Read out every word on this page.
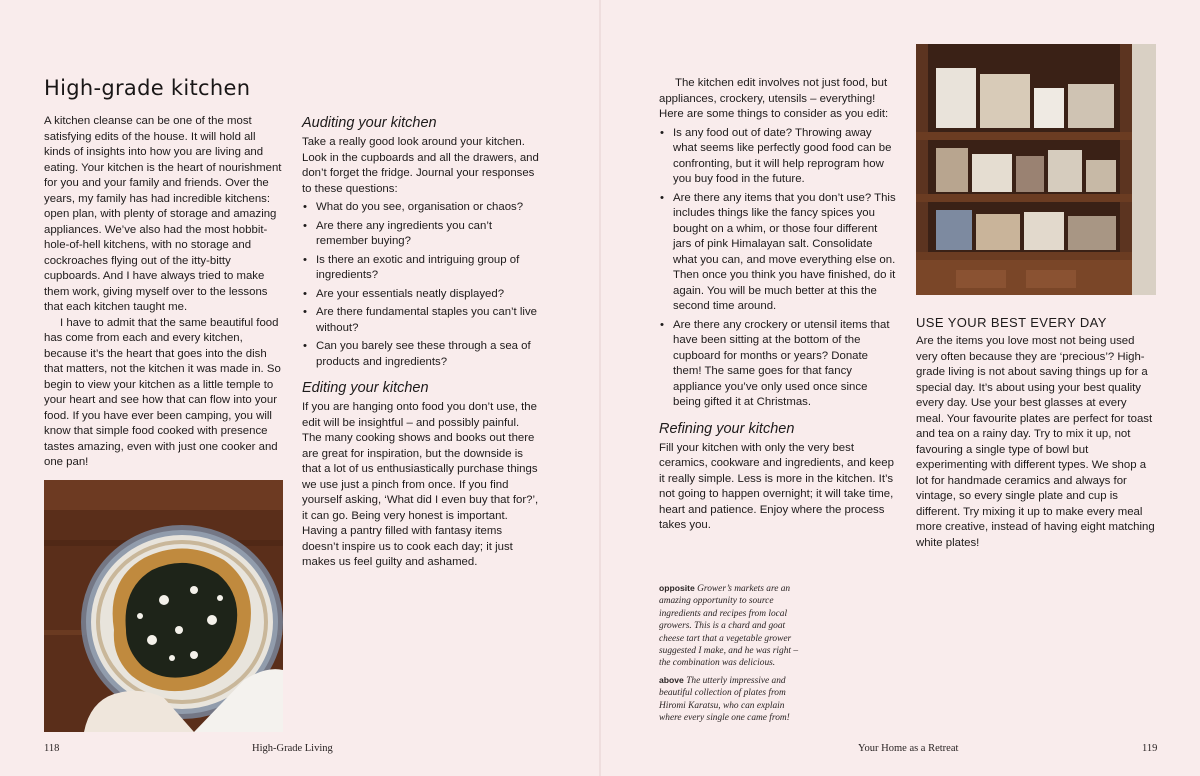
High-grade kitchen

A kitchen cleanse can be one of the most satisfying edits of the house. It will hold all kinds of insights into how you are living and eating. Your kitchen is the heart of nourishment for you and your family and friends. Over the years, my family has had incredible kitchens: open plan, with plenty of storage and amazing appliances. We’ve also had the most hobbit-hole-of-hell kitchens, with no storage and cockroaches flying out of the itty-bitty cupboards. And I have always tried to make them work, giving myself over to the lessons that each kitchen taught me.

I have to admit that the same beautiful food has come from each and every kitchen, because it’s the heart that goes into the dish that matters, not the kitchen it was made in. So begin to view your kitchen as a little temple to your heart and see how that can flow into your food. If you have ever been camping, you will know that simple food cooked with presence tastes amazing, even with just one cooker and one pan!

Auditing your kitchen

Take a really good look around your kitchen. Look in the cupboards and all the drawers, and don’t forget the fridge. Journal your responses to these questions:

• What do you see, organisation or chaos?
• Are there any ingredients you can’t remember buying?
• Is there an exotic and intriguing group of ingredients?
• Are your essentials neatly displayed?
• Are there fundamental staples you can’t live without?
• Can you barely see these through a sea of products and ingredients?
Editing your kitchen

If you are hanging onto food you don’t use, the edit will be insightful – and possibly painful. The many cooking shows and books out there are great for inspiration, but the downside is that a lot of us enthusiastically purchase things we use just a pinch from once. If you find yourself asking, ‘What did I even buy that for?’, it can go. Being very honest is important. Having a pantry filled with fantasy items doesn’t inspire us to cook each day; it just makes us feel guilty and ashamed.

118	High-Grade Living

The kitchen edit involves not just food, but appliances, crockery, utensils – everything! Here are some things to consider as you edit:

• Is any food out of date? Throwing away what seems like perfectly good food can be confronting, but it will help reprogram how you buy food in the future.
• Are there any items that you don’t use? This includes things like the fancy spices you bought on a whim, or those four different jars of pink Himalayan salt. Consolidate what you can, and move everything else on. Then once you think you have finished, do it again. You will be much better at this the second time around.
• Are there any crockery or utensil items that have been sitting at the bottom of the cupboard for months or years? Donate them! The same goes for that fancy appliance you’ve only used once since being gifted it at Christmas.
Refining your kitchen

Fill your kitchen with only the very best ceramics, cookware and ingredients, and keep it really simple. Less is more in the kitchen. It’s not going to happen overnight; it will take time, heart and patience. Enjoy where the process takes you.

opposite Grower’s markets are an amazing opportunity to source ingredients and recipes from local growers. This is a chard and goat cheese tart that a vegetable grower suggested I make, and he was right – the combination was delicious.

above The utterly impressive and beautiful collection of plates from Hiromi Karatsu, who can explain where every single one came from!

USE YOUR BEST EVERY DAY

Are the items you love most not being used very often because they are ‘precious’? High-grade living is not about saving things up for a special day. It’s about using your best quality every day. Use your best glasses at every meal. Your favourite plates are perfect for toast and tea on a rainy day. Try to mix it up, not favouring a single type of bowl but experimenting with different types. We shop a lot for handmade ceramics and always for vintage, so every single plate and cup is different. Try mixing it up to make every meal more creative, instead of having eight matching white plates!

Your Home as a Retreat	119
